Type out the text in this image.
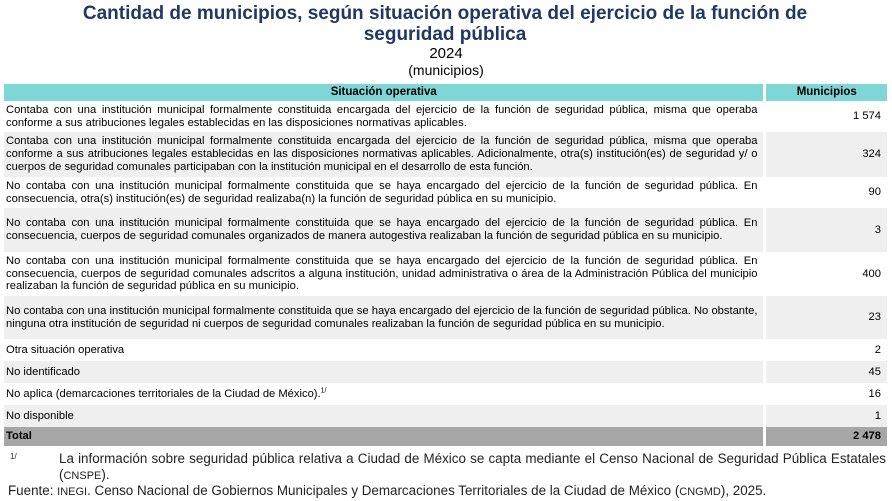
Cantidad de municipios, según situación operativa del ejercicio de la función de seguridad pública
2024
(municipios)
Situación operativa	Municipios
Contaba con una institución municipal formalmente constituida encargada del ejercicio de la función de seguridad pública, misma que operaba conforme a sus atribuciones legales establecidas en las disposiciones normativas aplicables.	1 574
Contaba con una institución municipal formalmente constituida encargada del ejercicio de la función de seguridad pública, misma que operaba conforme a sus atribuciones legales establecidas en las disposiciones normativas aplicables. Adicionalmente, otra(s) institución(es) de seguridad y/ o cuerpos de seguridad comunales participaban con la institución municipal en el desarrollo de esta función.	324
No contaba con una institución municipal formalmente constituida que se haya encargado del ejercicio de la función de seguridad pública. En consecuencia, otra(s) institución(es) de seguridad realizaba(n) la función de seguridad pública en su municipio.	90
No contaba con una institución municipal formalmente constituida que se haya encargado del ejercicio de la función de seguridad pública. En consecuencia, cuerpos de seguridad comunales organizados de manera autogestiva realizaban la función de seguridad pública en su municipio.	3
No contaba con una institución municipal formalmente constituida que se haya encargado del ejercicio de la función de seguridad pública. En consecuencia, cuerpos de seguridad comunales adscritos a alguna institución, unidad administrativa o área de la Administración Pública del municipio realizaban la función de seguridad pública en su municipio.	400
No contaba con una institución municipal formalmente constituida que se haya encargado del ejercicio de la función de seguridad pública. No obstante, ninguna otra institución de seguridad ni cuerpos de seguridad comunales realizaban la función de seguridad pública en su municipio.	23
Otra situación operativa	2
No identificado	45
No aplica (demarcaciones territoriales de la Ciudad de México).$^{1/}$	16
No disponible	1
Total	2 478
1/	La información sobre seguridad pública relativa a Ciudad de México se capta mediante el Censo Nacional de Seguridad Pública Estatales (CNSPE).
Fuente: INEGI. Censo Nacional de Gobiernos Municipales y Demarcaciones Territoriales de la Ciudad de México (CNGMD), 2025.
